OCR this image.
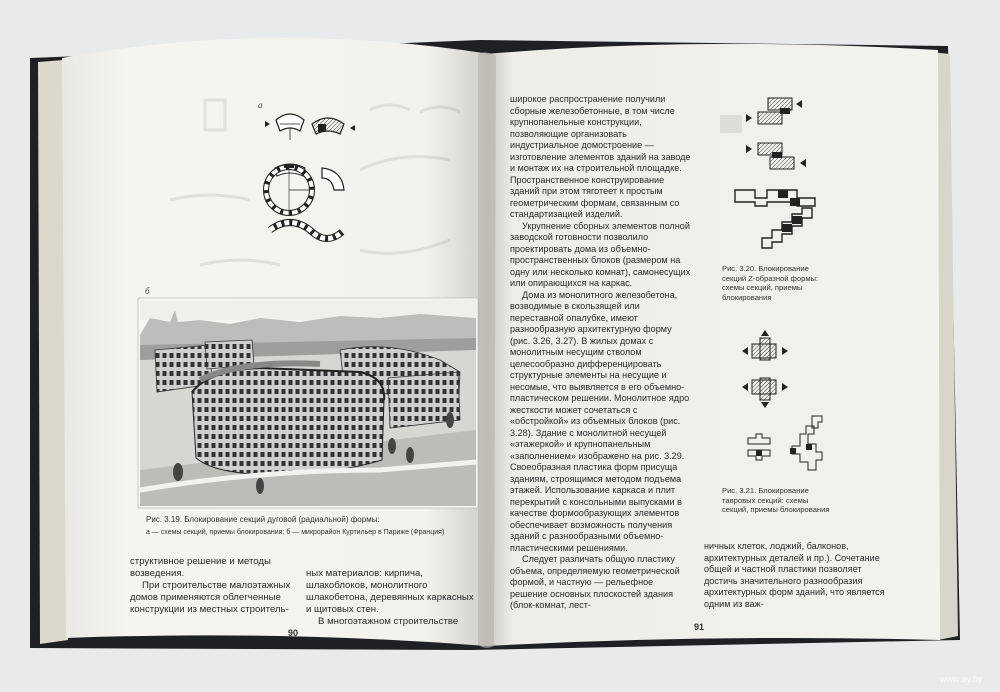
а
б
Рис. 3.19. Блокирование секций дуговой (радиальной) формы:
а — схемы секций, приемы блокирования; б — микрорайон Куртильер в Париже (Франция)

структивное решение и методы возведения.

При строительстве малоэтажных домов применяются облегченные конструкции из местных строитель-

ных материалов: кирпича, шлакоблоков, монолитного шлакобетона, деревянных каркасных и щитовых стен.

В многоэтажном строительстве

90

широкое распространение получили сборные железобетонные, в том числе крупнопанельные конструкции, позволяющие организовать индустриальное домостроение — изготовление элементов зданий на заводе и монтаж их на строительной площадке. Пространственное конструирование зданий при этом тяготеет к простым геометрическим формам, связанным со стандартизацией изделий.

Укрупнение сборных элементов полной заводской готовности позволило проектировать дома из объемно-пространственных блоков (размером на одну или несколько комнат), самонесущих или опирающихся на каркас.

Дома из монолитного железобетона, возводимые в скользящей или переставной опалубке, имеют разнообразную архитектурную форму (рис. 3.26, 3.27). В жилых домах с монолитным несущим стволом целесообразно дифференцировать структурные элементы на несущие и несомые, что выявляется в его объемно-пластическом решении. Монолитное ядро жесткости может сочетаться с «обстройкой» из объемных блоков (рис. 3.28). Здание с монолитной несущей «этажеркой» и крупнопанельным «заполнением» изображено на рис. 3.29.

Своеобразная пластика форм присуща зданиям, строящимся методом подъема этажей. Использование каркаса и плит перекрытий с консольными выпусками в качестве формообразующих элементов обеспечивает возможность получения зданий с разнообразными объемно-пластическими решениями.

Следует различать общую пластику объема, определяемую геометрической формой, и частную — рельефное решение основных плоскостей здания (блок-комнат, лест-

ничных клеток, лоджий, балконов, архитектурных деталей и пр.). Сочетание общей и частной пластики позволяет достичь значительного разнообразия архитектурных форм зданий, что является одним из важ-
Рис. 3.20. Блокирование секций Z-образной формы: схемы секций, приемы блокирования
Рис. 3.21. Блокирование тавровых секций: схемы секций, приемы блокирования
91
www.ay.by
